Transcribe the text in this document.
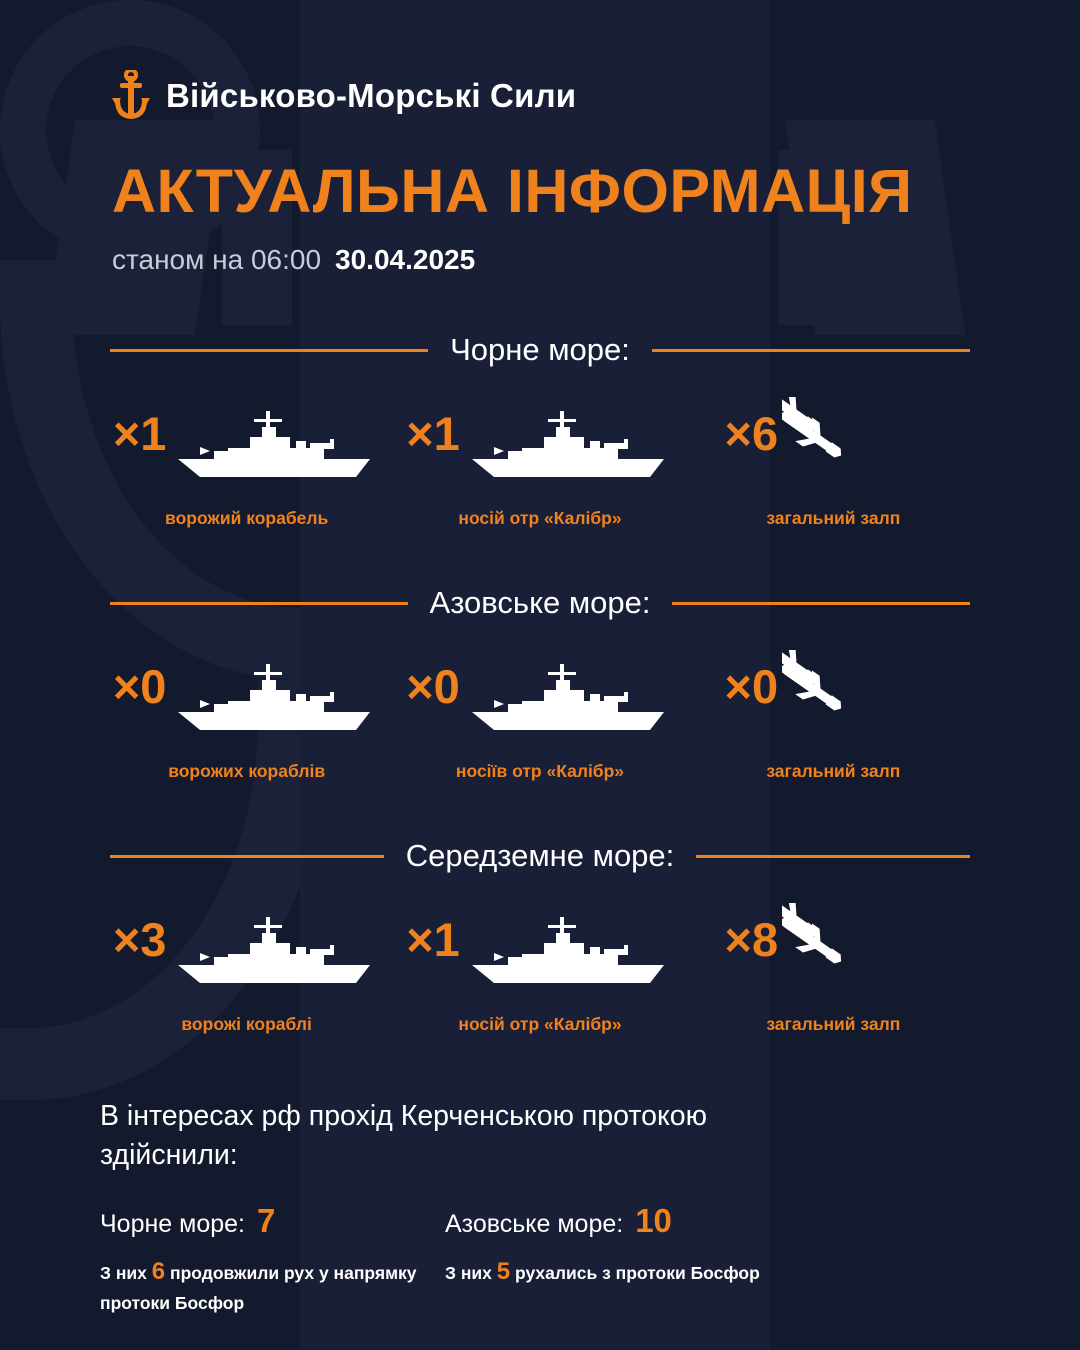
Військово-Морські Сили
АКТУАЛЬНА ІНФОРМАЦІЯ
станом на 06:00 30.04.2025
Чорне море:
×1
ворожий корабель
×1
носій отр «Калібр»
×6
загальний залп
Азовське море:
×0
ворожих кораблів
×0
носіїв отр «Калібр»
×0
загальний залп
Середземне море:
×3
ворожі кораблі
×1
носій отр «Калібр»
×8
загальний залп
В інтересах рф прохід Керченською протокою здійснили:
Чорне море: 7
З них 6 продовжили рух у напрямку протоки Босфор
Азовське море: 10
З них 5 рухались з протоки Босфор
